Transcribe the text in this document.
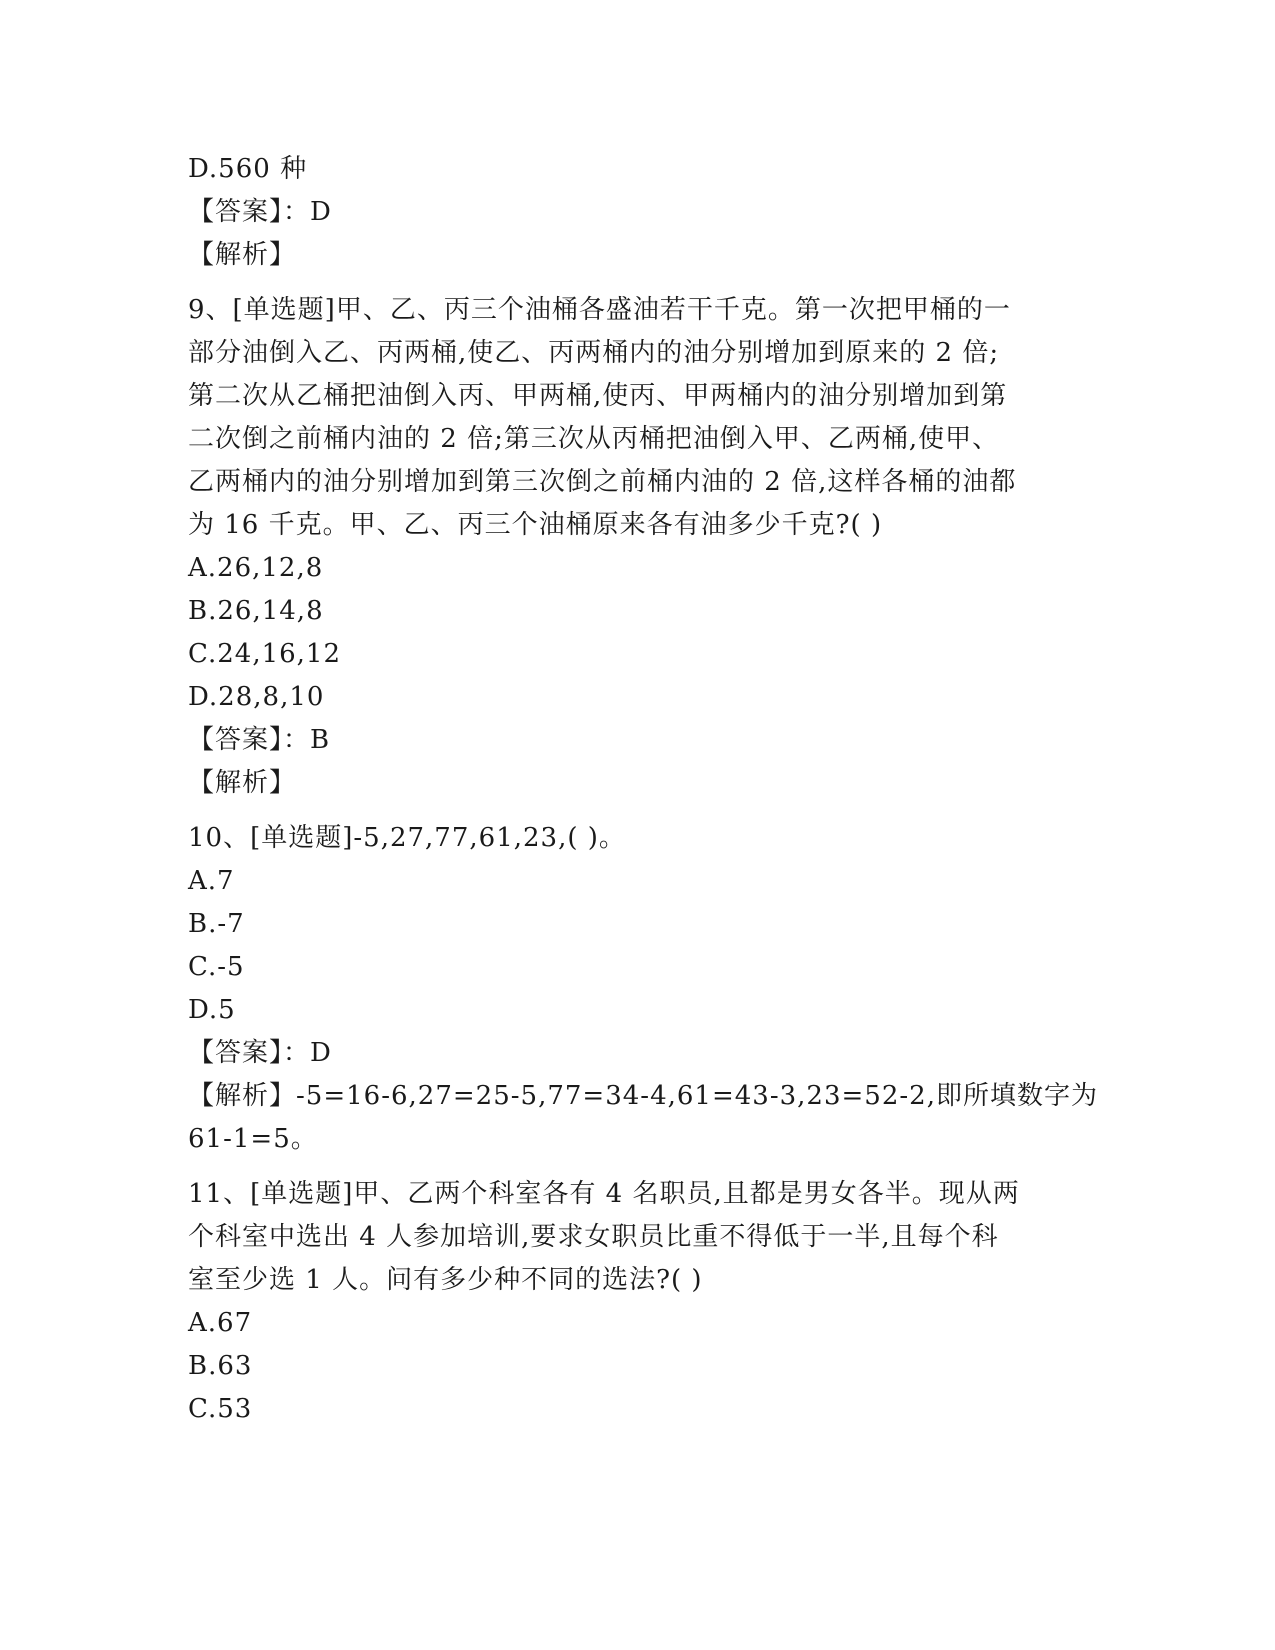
D.560 种
【答案】：D
【解析】
9、[单选题]甲、乙、丙三个油桶各盛油若干千克。第一次把甲桶的一
部分油倒入乙、丙两桶,使乙、丙两桶内的油分别增加到原来的 2 倍;
第二次从乙桶把油倒入丙、甲两桶,使丙、甲两桶内的油分别增加到第
二次倒之前桶内油的 2 倍;第三次从丙桶把油倒入甲、乙两桶,使甲、
乙两桶内的油分别增加到第三次倒之前桶内油的 2 倍,这样各桶的油都
为 16 千克。甲、乙、丙三个油桶原来各有油多少千克?( )
A.26,12,8
B.26,14,8
C.24,16,12
D.28,8,10
【答案】：B
【解析】
10、[单选题]-5,27,77,61,23,( )。
A.7
B.-7
C.-5
D.5
【答案】：D
【解析】-5=16-6,27=25-5,77=34-4,61=43-3,23=52-2,即所填数字为
61-1=5。
11、[单选题]甲、乙两个科室各有 4 名职员,且都是男女各半。现从两
个科室中选出 4 人参加培训,要求女职员比重不得低于一半,且每个科
室至少选 1 人。问有多少种不同的选法?( )
A.67
B.63
C.53
